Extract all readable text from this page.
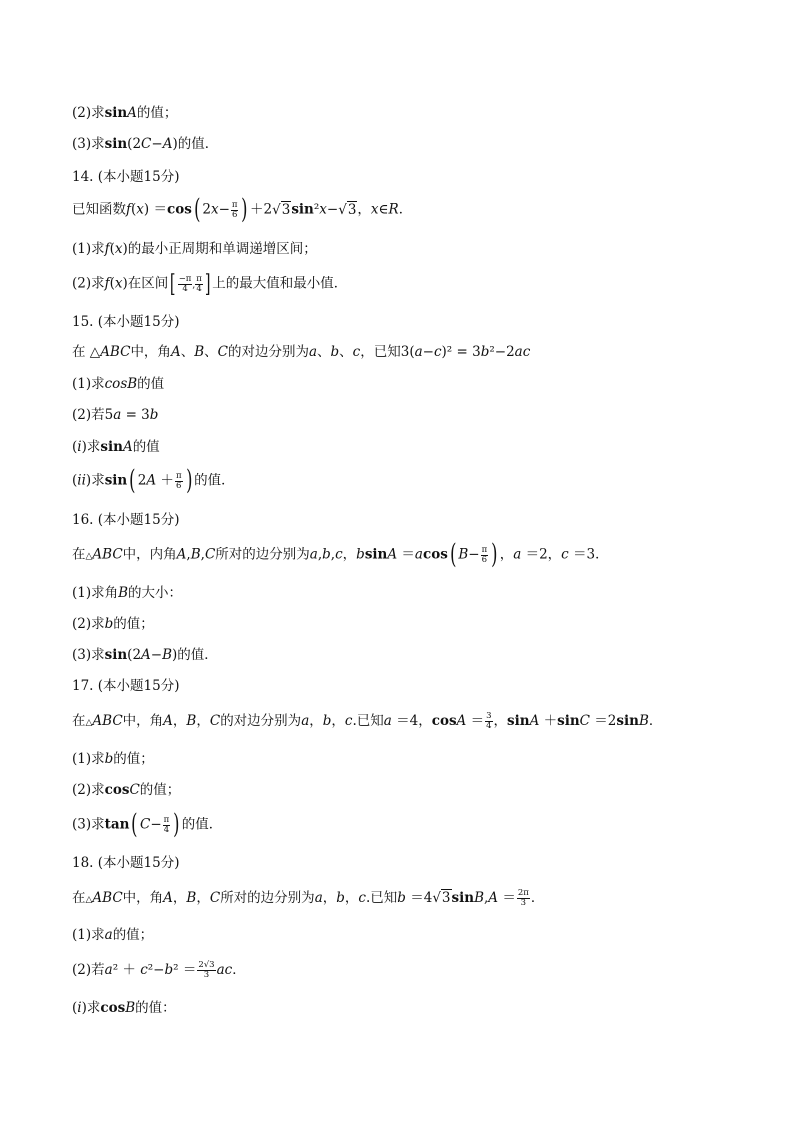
(2)求sinA的值；
(3)求sin(2C−A)的值．
14. (本小题15分)
已知函数f(x) ＝cos( $2x- \frac{\pi}{6}$ ) ＋2√3sin²x−√3，x∈R．
(1)求f(x)的最小正周期和单调递增区间；
(2)求f(x)在区间[ $\frac{-\pi}{4}$ , $\frac{\pi}{4}$ ] 上的最大值和最小值．
15. (本小题15分)
在 △ABC中，角A、B、C的对边分别为a、b、c，已知3(a−c)² = 3b²−2ac
(1)求cosB的值
(2)若5a = 3b
(i)求sinA的值
(ii)求sin( $2A + \frac{\pi}{6}$ ) 的值．
16. (本小题15分)
在△ABC中，内角A,B,C所对的边分别为a,b,c，bsinA ＝acos( $B- \frac{\pi}{6}$ ) ，a ＝2，c ＝3．
(1)求角B的大小：
(2)求b的值；
(3)求sin(2A−B)的值．
17. (本小题15分)
在△ABC中，角A，B，C的对边分别为a，b，c.已知a ＝4，$\cos A = \frac{3}{4}$ ，sinA ＋sinC ＝2sinB．
(1)求b的值；
(2)求cosC的值；
(3)求tan( $C- \frac{\pi}{4}$ ) 的值．
18. (本小题15分)
在△ABC中，角A，B，C所对的边分别为a，b，c.已知$b =4√3\sin B,A = \frac{2\pi}{3}$ ．
(1)求a的值；
(2)若$a^2 + c^2-b^2 = \frac{2√3}{3}$ ac．
(i)求cosB的值：
